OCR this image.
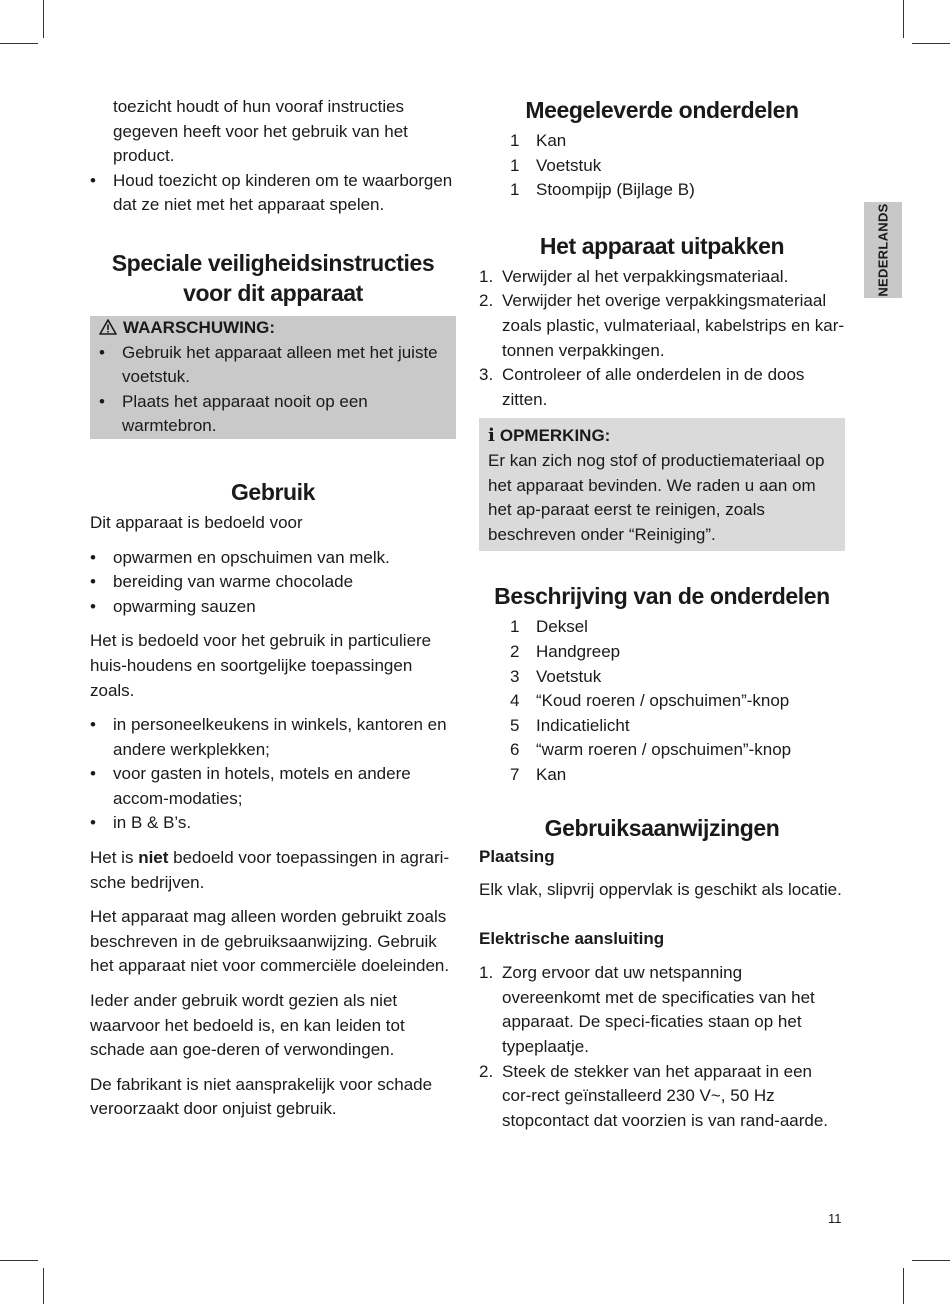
NEDERLANDS

toezicht houdt of hun vooraf instructies gegeven heeft voor het gebruik van het product.

• Houd toezicht op kinderen om te waarborgen dat ze niet met het apparaat spelen.
Speciale veiligheidsinstructies
voor dit apparaat
WAARSCHUWING:
• Gebruik het apparaat alleen met het juiste voetstuk.
• Plaats het apparaat nooit op een warmtebron.
Gebruik

Dit apparaat is bedoeld voor

• opwarmen en opschuimen van melk.
• bereiding van warme chocolade
• opwarming sauzen

Het is bedoeld voor het gebruik in particuliere huis-houdens en soortgelijke toepassingen zoals.

• in personeelkeukens in winkels, kantoren en andere werkplekken;
• voor gasten in hotels, motels en andere accom-modaties;
• in B & B’s.

Het is niet bedoeld voor toepassingen in agrari-sche bedrijven.

Het apparaat mag alleen worden gebruikt zoals beschreven in de gebruiksaanwijzing. Gebruik het apparaat niet voor commerciële doeleinden.

Ieder ander gebruik wordt gezien als niet waarvoor het bedoeld is, en kan leiden tot schade aan goe-deren of verwondingen.

De fabrikant is niet aansprakelijk voor schade veroorzaakt door onjuist gebruik.

Meegeleverde onderdelen
1 Kan
1 Voetstuk
1 Stoompijp (Bijlage B)
Het apparaat uitpakken
1. Verwijder al het verpakkingsmateriaal.
2. Verwijder het overige verpakkingsmateriaal zoals plastic, vulmateriaal, kabelstrips en kar-tonnen verpakkingen.
3. Controleer of alle onderdelen in de doos zitten.
i OPMERKING:

Er kan zich nog stof of productiemateriaal op het apparaat bevinden. We raden u aan om het ap-paraat eerst te reinigen, zoals beschreven onder “Reiniging”.

Beschrijving van de onderdelen
1 Deksel
2 Handgreep
3 Voetstuk
4 “Koud roeren / opschuimen”-knop
5 Indicatielicht
6 “warm roeren / opschuimen”-knop
7 Kan
Gebruiksaanwijzingen
Plaatsing

Elk vlak, slipvrij oppervlak is geschikt als locatie.

Elektrische aansluiting
1. Zorg ervoor dat uw netspanning overeenkomt met de specificaties van het apparaat. De speci-ficaties staan op het typeplaatje.
2. Steek de stekker van het apparaat in een cor-rect geïnstalleerd 230 V~, 50 Hz stopcontact dat voorzien is van rand-aarde.
11
